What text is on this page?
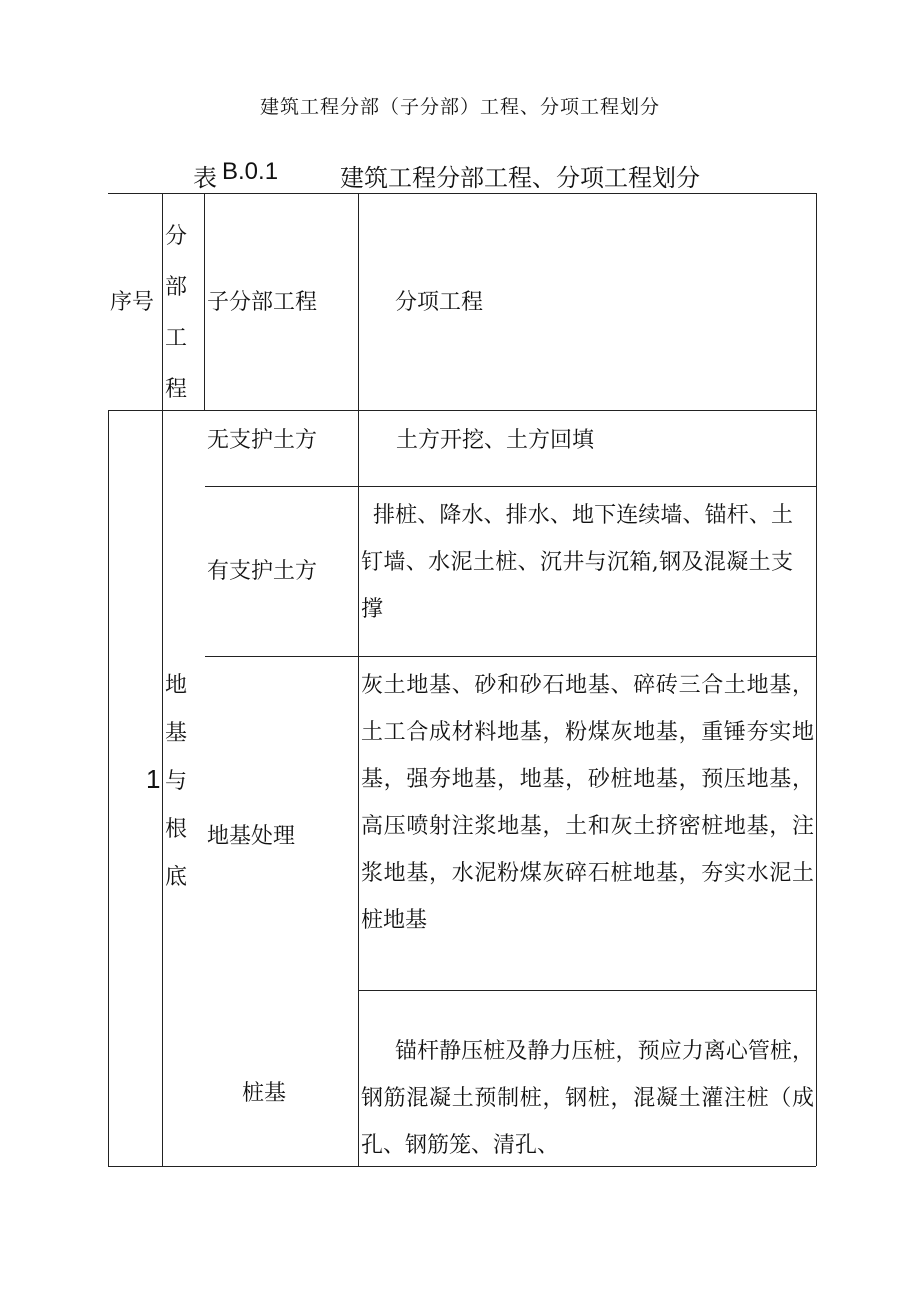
建筑工程分部（子分部）工程、分项工程划分
表 B.0.1	建筑工程分部工程、分项工程划分
序号
分
部
工
程
子分部工程	分项工程
1
地
基
与
根
底
无支护土方
有支护土方
地基处理
桩基
土方开挖、土方回填
排桩、降水、排水、地下连续墙、锚杆、土钉墙、水泥土桩、沉井与沉箱,钢及混凝土支撑
灰土地基、砂和砂石地基、碎砖三合土地基，土工合成材料地基，粉煤灰地基，重锤夯实地基，强夯地基，地基，砂桩地基，预压地基，高压喷射注浆地基，土和灰土挤密桩地基，注浆地基，水泥粉煤灰碎石桩地基，夯实水泥土桩地基
锚杆静压桩及静力压桩，预应力离心管桩，钢筋混凝土预制桩，钢桩，混凝土灌注桩（成孔、钢筋笼、清孔、
